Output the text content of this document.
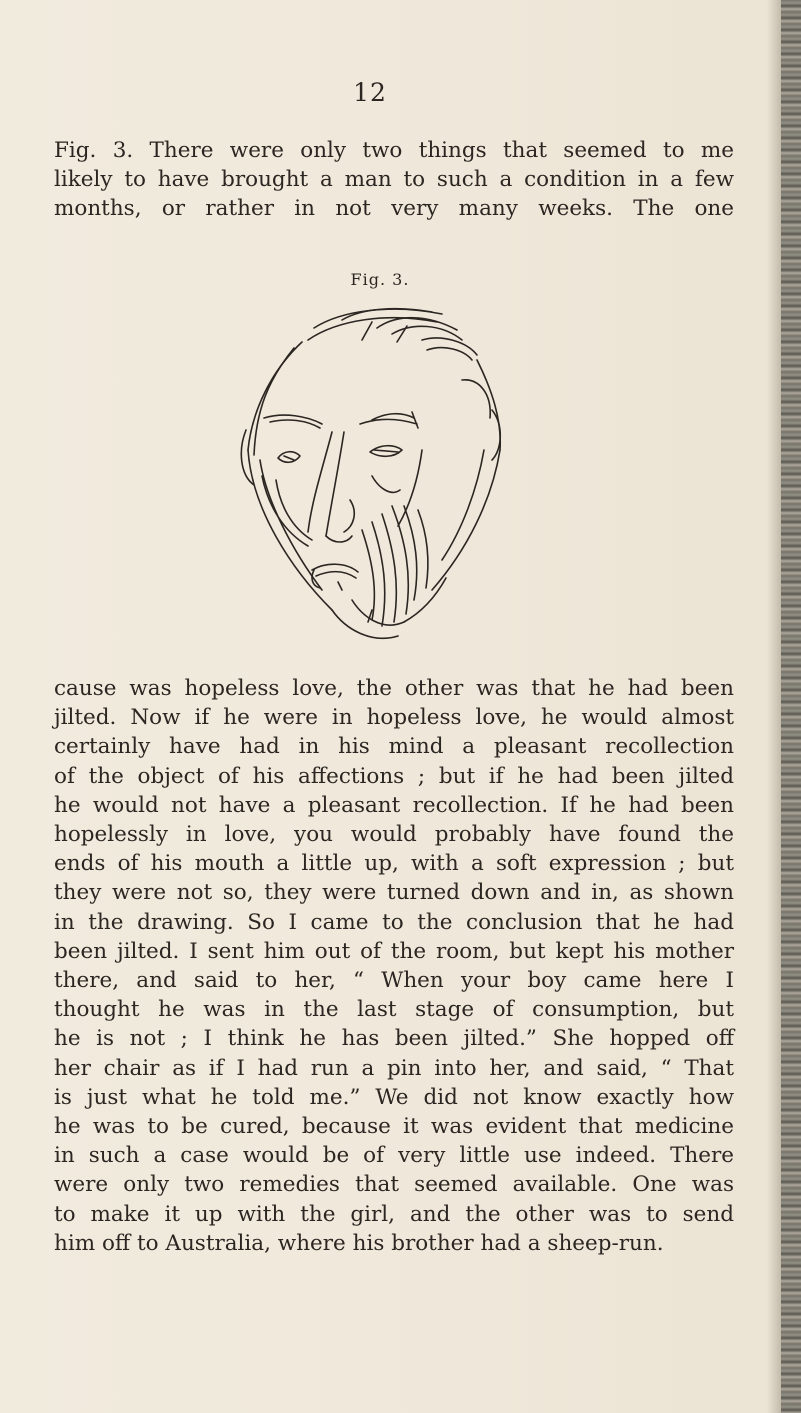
12

Fig. 3. There were only two things that seemed to me
likely to have brought a man to such a condition in a few
months, or rather in not very many weeks. The one

Fig. 3.

cause was hopeless love, the other was that he had been
jilted. Now if he were in hopeless love, he would almost
certainly have had in his mind a pleasant recollection
of the object of his affections ; but if he had been jilted
he would not have a pleasant recollection. If he had been
hopelessly in love, you would probably have found the
ends of his mouth a little up, with a soft expression ; but
they were not so, they were turned down and in, as shown
in the drawing. So I came to the conclusion that he had
been jilted. I sent him out of the room, but kept his mother
there, and said to her, “ When your boy came here I
thought he was in the last stage of consumption, but
he is not ; I think he has been jilted.” She hopped off
her chair as if I had run a pin into her, and said, “ That
is just what he told me.” We did not know exactly how
he was to be cured, because it was evident that medicine
in such a case would be of very little use indeed. There
were only two remedies that seemed available. One was
to make it up with the girl, and the other was to send
him off to Australia, where his brother had a sheep-run.
